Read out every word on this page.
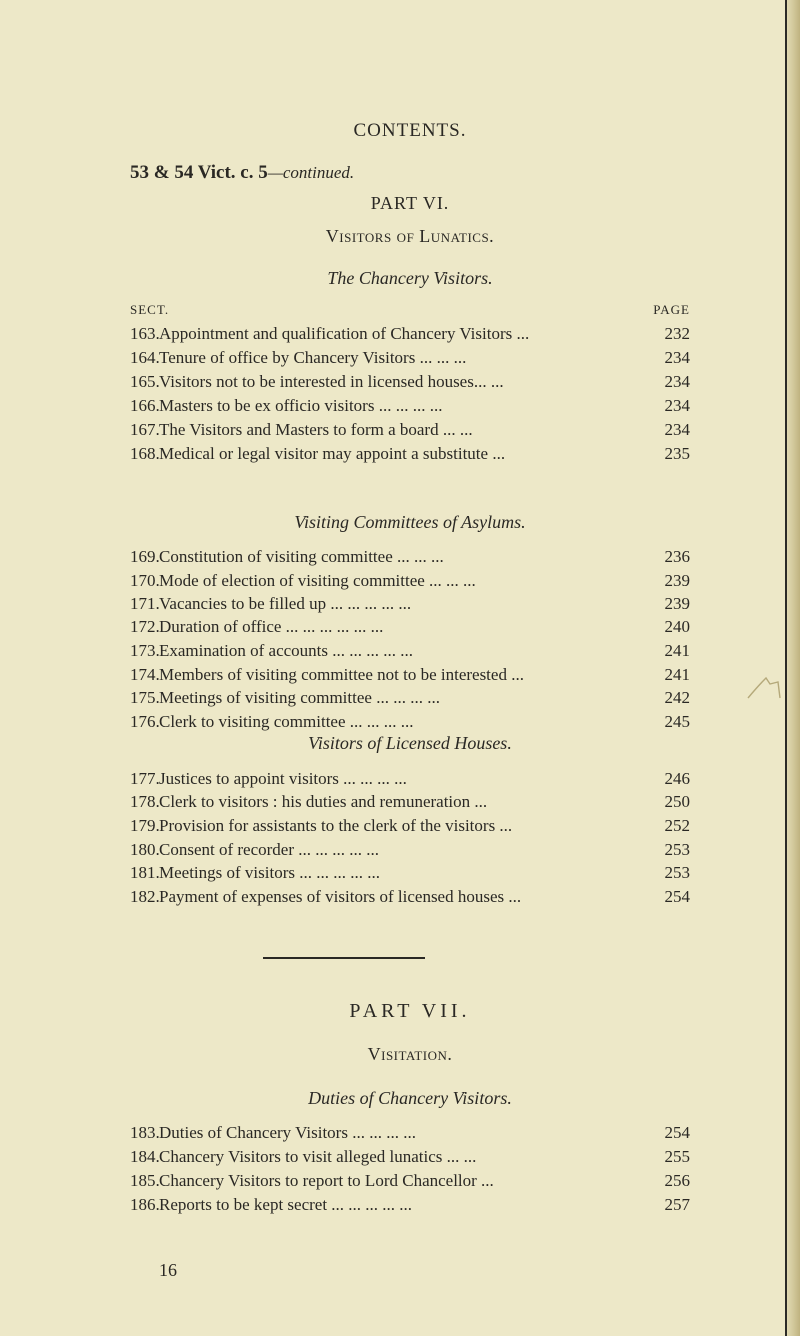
CONTENTS.
53 & 54 Vict. c. 5—continued.
PART VI.
Visitors of Lunatics.
The Chancery Visitors.
SECT.	PAGE
163. Appointment and qualification of Chancery Visitors ...	232
164. Tenure of office by Chancery Visitors ... ... ...	234
165. Visitors not to be interested in licensed houses... ...	234
166. Masters to be ex officio visitors ... ... ... ...	234
167. The Visitors and Masters to form a board ... ...	234
168. Medical or legal visitor may appoint a substitute ...	235
Visiting Committees of Asylums.
169. Constitution of visiting committee ... ... ...	236
170. Mode of election of visiting committee ... ... ...	239
171. Vacancies to be filled up ... ... ... ... ...	239
172. Duration of office ... ... ... ... ... ...	240
173. Examination of accounts ... ... ... ... ...	241
174. Members of visiting committee not to be interested ...	241
175. Meetings of visiting committee ... ... ... ...	242
176. Clerk to visiting committee ... ... ... ...	245
Visitors of Licensed Houses.
177. Justices to appoint visitors ... ... ... ...	246
178. Clerk to visitors : his duties and remuneration ...	250
179. Provision for assistants to the clerk of the visitors ...	252
180. Consent of recorder ... ... ... ... ...	253
181. Meetings of visitors ... ... ... ... ...	253
182. Payment of expenses of visitors of licensed houses ...	254
PART VII.
Visitation.
Duties of Chancery Visitors.
183. Duties of Chancery Visitors ... ... ... ...	254
184. Chancery Visitors to visit alleged lunatics ... ...	255
185. Chancery Visitors to report to Lord Chancellor ...	256
186. Reports to be kept secret ... ... ... ... ...	257
16
